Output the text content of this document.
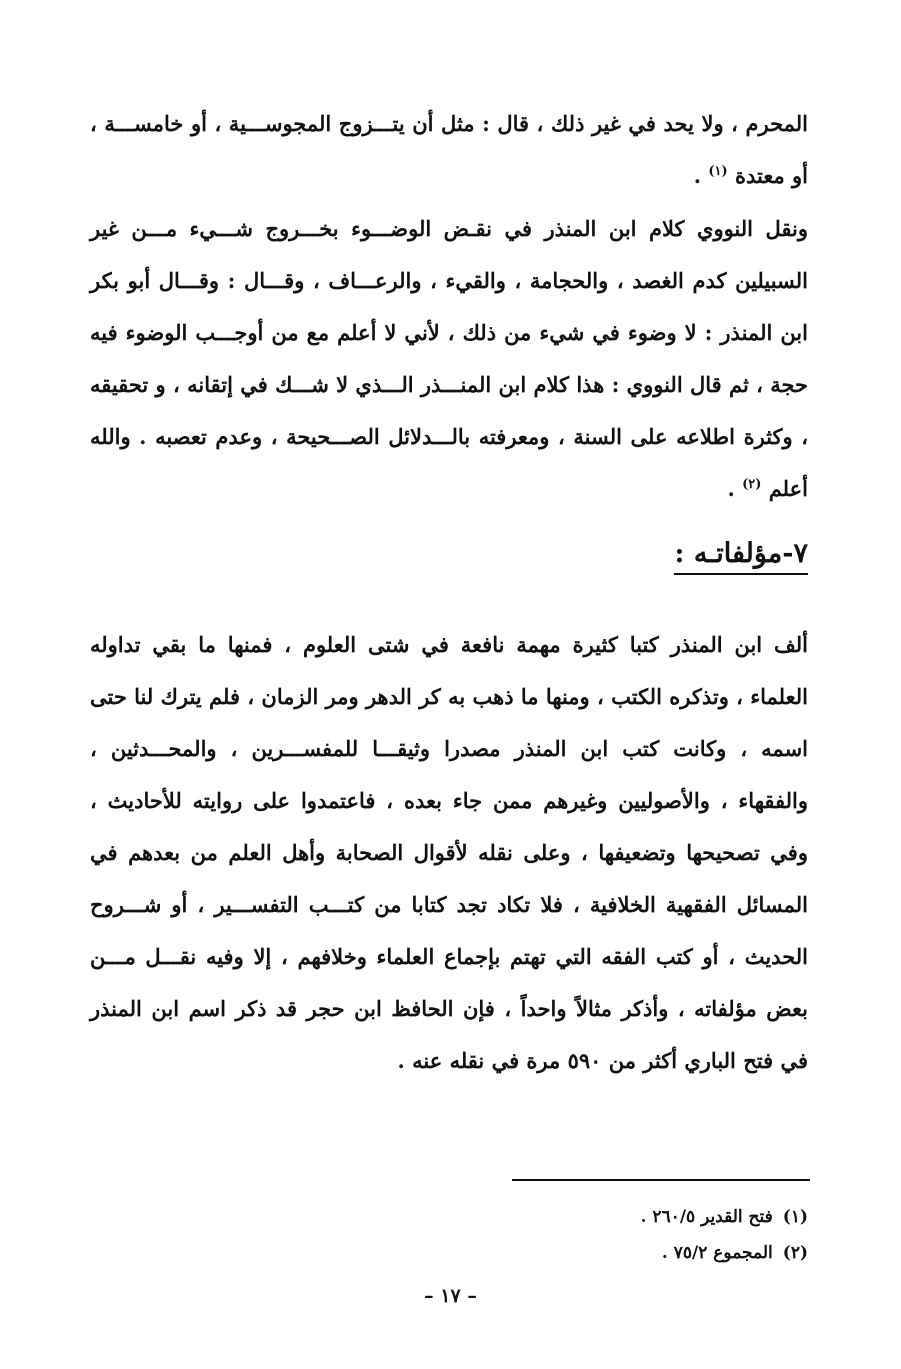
المحرم ، ولا يحد في غير ذلك ، قال : مثل أن يتـــزوج المجوســـية ، أو خامســـة ، أو معتدة $^{(١)}$ .

ونقل النووي كلام ابن المنذر في نقـض الوضـــوء بخـــروج شـــيء مـــن غير السبيلين كدم الغصد ، والحجامة ، والقيء ، والرعـــاف ، وقـــال : وقـــال أبو بكر ابن المنذر : لا وضوء في شيء من ذلك ، لأني لا أعلم مع من أوجـــب الوضوء فيه حجة ، ثم قال النووي : هذا كلام ابن المنـــذر الـــذي لا شـــك في إتقانه ، و تحقيقه ، وكثرة اطلاعه على السنة ، ومعرفته بالـــدلائل الصـــحيحة ، وعدم تعصبه . والله أعلم $^{(٢)}$ .

٧-مؤلفاتـه :

ألف ابن المنذر كتبا كثيرة مهمة نافعة في شتى العلوم ، فمنها ما بقي تداوله العلماء ، وتذكره الكتب ، ومنها ما ذهب به كر الدهر ومر الزمان ، فلم يترك لنا حتى اسمه ، وكانت كتب ابن المنذر مصدرا وثيقـــا للمفســـرين ، والمحـــدثين ، والفقهاء ، والأصوليين وغيرهم ممن جاء بعده ، فاعتمدوا على روايته للأحاديث ، وفي تصحيحها وتضعيفها ، وعلى نقله لأقوال الصحابة وأهل العلم من بعدهم في المسائل الفقهية الخلافية ، فلا تكاد تجد كتابا من كتـــب التفســـير ، أو شـــروح الحديث ، أو كتب الفقه التي تهتم بإجماع العلماء وخلافهم ، إلا وفيه نقـــل مـــن بعض مؤلفاته ، وأذكر مثالاً واحداً ، فإن الحافظ ابن حجر قد ذكر اسم ابن المنذر في فتح الباري أكثر من ٥٩٠ مرة في نقله عنه .

(١)فتح القدير ٢٦٠/٥ .
(٢)المجموع ٧٥/٢ .
– ١٧ –
